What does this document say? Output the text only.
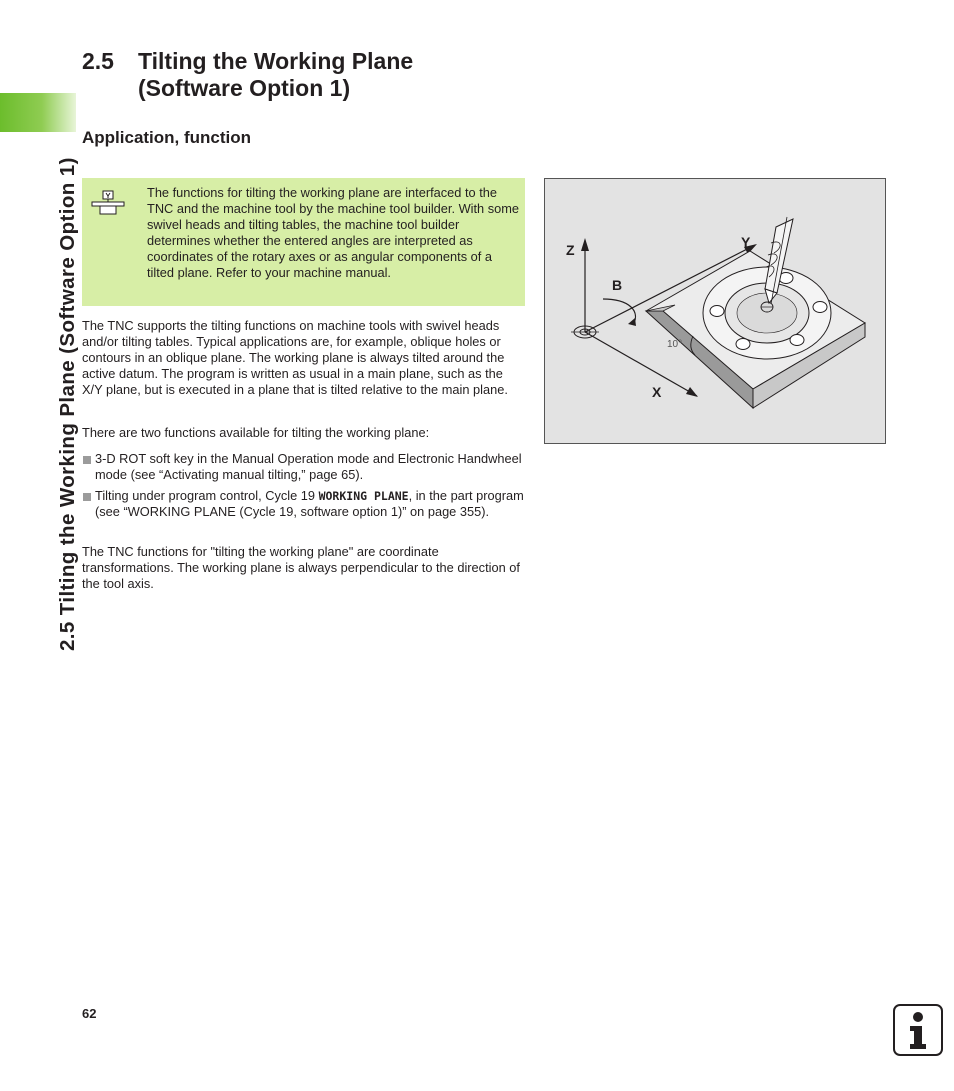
2.5 Tilting the Working Plane (Software Option 1)
2.5 Tilting the Working Plane
(Software Option 1)
Application, function
The functions for tilting the working plane are interfaced to the TNC and the machine tool by the machine tool builder. With some swivel heads and tilting tables, the machine tool builder determines whether the entered angles are interpreted as coordinates of the rotary axes or as angular components of a tilted plane. Refer to your machine manual.
The TNC supports the tilting functions on machine tools with swivel heads and/or tilting tables. Typical applications are, for example, oblique holes or contours in an oblique plane. The working plane is always tilted around the active datum. The program is written as usual in a main plane, such as the X/Y plane, but is executed in a plane that is tilted relative to the main plane.
There are two functions available for tilting the working plane:
3-D ROT soft key in the Manual Operation mode and Electronic Handwheel mode (see “Activating manual tilting,” page 65).
Tilting under program control, Cycle 19 WORKING PLANE, in the part program (see “WORKING PLANE (Cycle 19, software option 1)” on page 355).
The TNC functions for "tilting the working plane" are coordinate transformations. The working plane is always perpendicular to the direction of the tool axis.
Z	Y
B
X
10°
62
